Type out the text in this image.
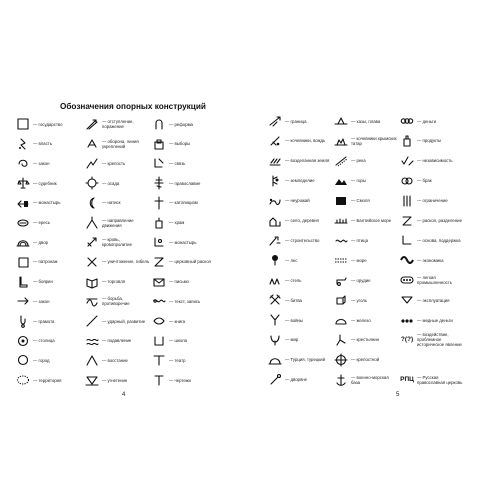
Обозначения опорных конструкций
— государство
— власть
— закон
— судебник
— монастырь
— ересь
— двор
— патронаж
— боярин
— закон
— грамота
— столица
— город
— территория
— отступление, поражение
— оборона, линия укреплений
— крепость
— осада
— натиск
— направление движения
— кровь, кровопролитие
— уничтожение, гибель
— торговля
— борьба, противоречие
— ударный, развитие
— подавление
— восстание
— угнетение
— реформа
— выборы
— связь
— православие
— католицизм
— храм
— монастырь
— церковный раскол
— письмо
— текст, запись
— книга
— школа
— театр
— чертежи
4
— граница
— кочевники, вождь
— возделанная земля
— земледелие
— неурожай
— село, деревня
— строительство
— лес
— степь
— битва
— войны
— мир
— Турция, турецкий
— дворяне
— хазы, плава
— кочевники крымских татар
— река
— горы
— Смоля
— Балтийское море
— птица
— море
— орудие
— уголь
— железо
— крестьянин
— крепостной
— военно-морская база
— деньги
— продукты
— независимость
— брак
— ограничение
— раскол, разделение
— основа, поддержка
— экономика
— легкая промышленность
— эксплуатация
— медные деньги
?(?)
— воздействие, проблемное историческое явление
РПЦ — Русская православная церковь
5
